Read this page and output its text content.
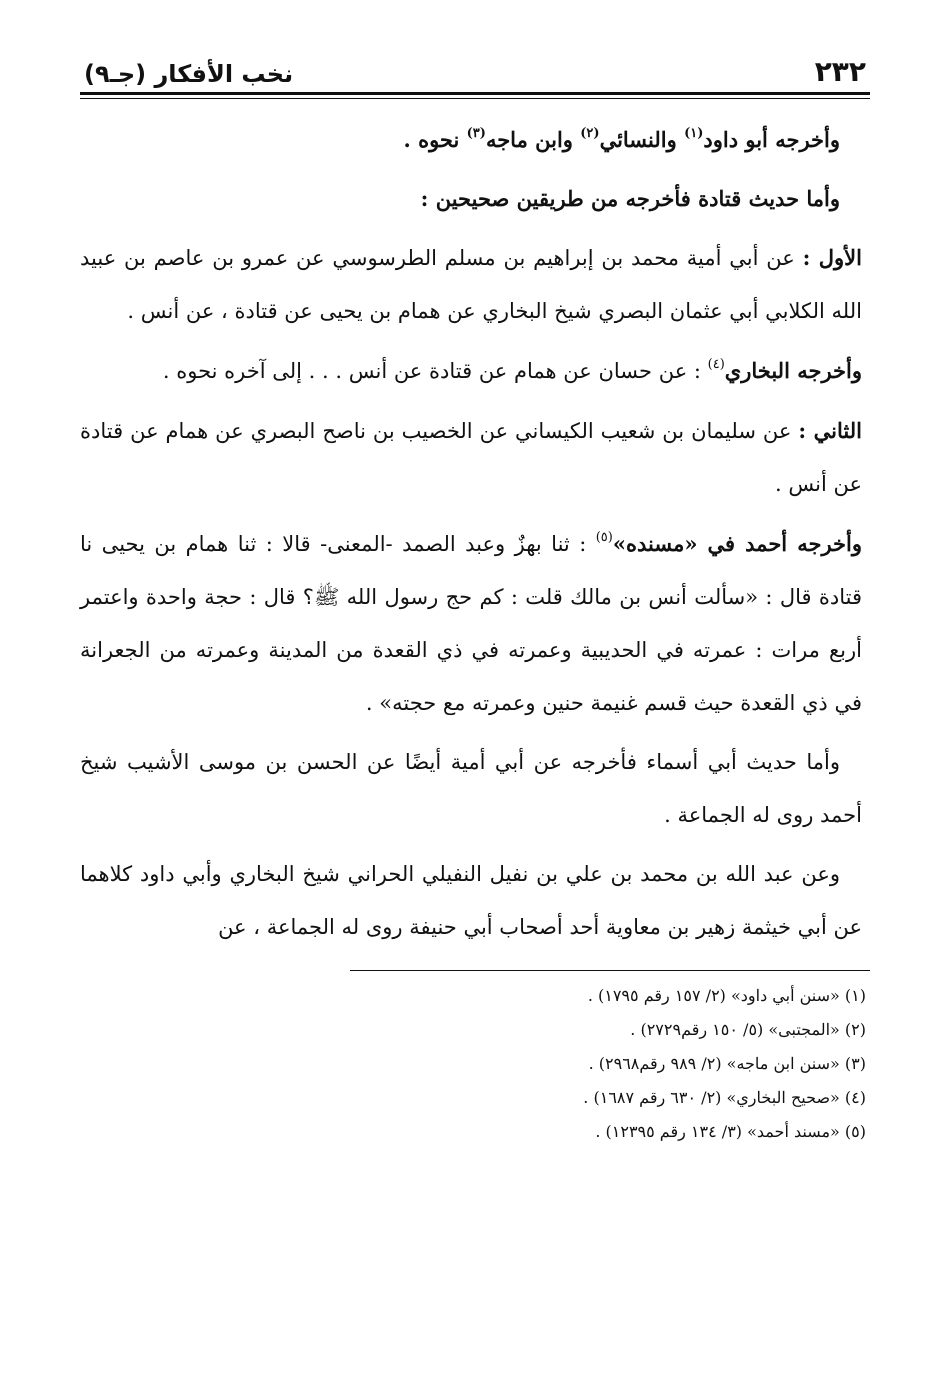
٢٣٢
نخب الأفكار (جـ٩)

وأخرجه أبو داود$^{(١)}$ والنسائي$^{(٢)}$ وابن ماجه$^{(٣)}$ نحوه .

وأما حديث قتادة فأخرجه من طريقين صحيحين :

الأول : عن أبي أمية محمد بن إبراهيم بن مسلم الطرسوسي عن عمرو بن عاصم بن عبيد الله الكلابي أبي عثمان البصري شيخ البخاري عن همام بن يحيى عن قتادة ، عن أنس .

وأخرجه البخاري$^{(٤)}$ : عن حسان عن همام عن قتادة عن أنس . . . إلى آخره نحوه .

الثاني : عن سليمان بن شعيب الكيساني عن الخصيب بن ناصح البصري عن همام عن قتادة عن أنس .

وأخرجه أحمد في «مسنده»$^{(٥)}$ : ثنا بهزٌ وعبد الصمد -المعنى- قالا : ثنا همام بن يحيى نا قتادة قال : «سألت أنس بن مالك قلت : كم حج رسول الله ﷺ؟ قال : حجة واحدة واعتمر أربع مرات : عمرته في الحديبية وعمرته في ذي القعدة من المدينة وعمرته من الجعرانة في ذي القعدة حيث قسم غنيمة حنين وعمرته مع حجته» .

وأما حديث أبي أسماء فأخرجه عن أبي أمية أيضًا عن الحسن بن موسى الأشيب شيخ أحمد روى له الجماعة .

وعن عبد الله بن محمد بن علي بن نفيل النفيلي الحراني شيخ البخاري وأبي داود كلاهما عن أبي خيثمة زهير بن معاوية أحد أصحاب أبي حنيفة روى له الجماعة ، عن

(١) «سنن أبي داود» (٢/ ١٥٧ رقم ١٧٩٥) .

(٢) «المجتبى» (٥/ ١٥٠ رقم٢٧٢٩) .

(٣) «سنن ابن ماجه» (٢/ ٩٨٩ رقم٢٩٦٨) .

(٤) «صحيح البخاري» (٢/ ٦٣٠ رقم ١٦٨٧) .

(٥) «مسند أحمد» (٣/ ١٣٤ رقم ١٢٣٩٥) .
